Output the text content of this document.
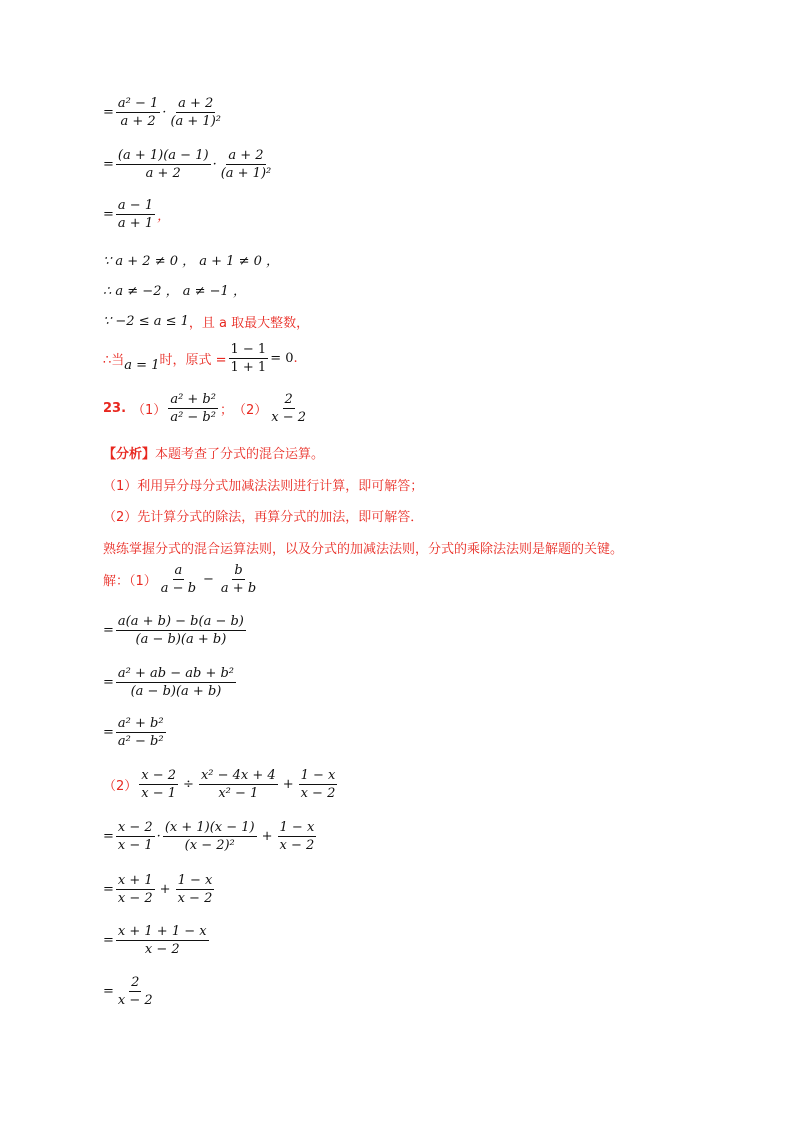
= $\frac{\text{a² − 1}}{a + 2} \cdot \frac{a + 2}{\text{(a + 1)²}}$
= $\frac{(a + 1)(a - 1)}{a + 2} \cdot \frac{a + 2}{\text{(a + 1)²}}$
= $\frac{a - 1}{a + 1}$ ，
∵ a + 2 ≠ 0 ， a + 1 ≠ 0 ，
∴ a ≠ −2 ， a ≠ −1 ，
∵ −2 ≤ a ≤ 1 ，且 a 取最大整数，
∴当 a = 1 时，原式 = $\frac{1 - 1}{1 + 1} = 0$ .
23. $(1) \frac{\text{a² + b²}}{\text{a² − b²}}$ ； $(2) \frac{2}{x - 2}$
【分析】 本题考查了分式的混合运算。
（1）利用异分母分式加减法法则进行计算，即可解答；
（2）先计算分式的除法，再算分式的加法，即可解答．
熟练掌握分式的混合运算法则，以及分式的加减法法则，分式的乘除法法则是解题的关键。
解：$(1) \frac{a}{a - b} - \frac{b}{a + b}$
= $\frac{a(a + b) - b(a - b)}{(a - b)(a + b)}$
= $\frac{\text{a² + ab − ab + b²}}{(a - b)(a + b)}$
= $\frac{\text{a² + b²}}{\text{a² − b²}}$
$(2) \frac{x - 2}{x - 1} \div \frac{\text{x² − 4x + 4}}{\text{x² − 1}} + \frac{1 - x}{x - 2}$
= $\frac{x - 2}{x - 1} \cdot \frac{(x + 1)(x - 1)}{\text{(x − 2)²}} + \frac{1 - x}{x - 2}$
= $\frac{x + 1}{x - 2} + \frac{1 - x}{x - 2}$
= $\frac{x + 1 + 1 - x}{x - 2}$
= $\frac{2}{x - 2}$
